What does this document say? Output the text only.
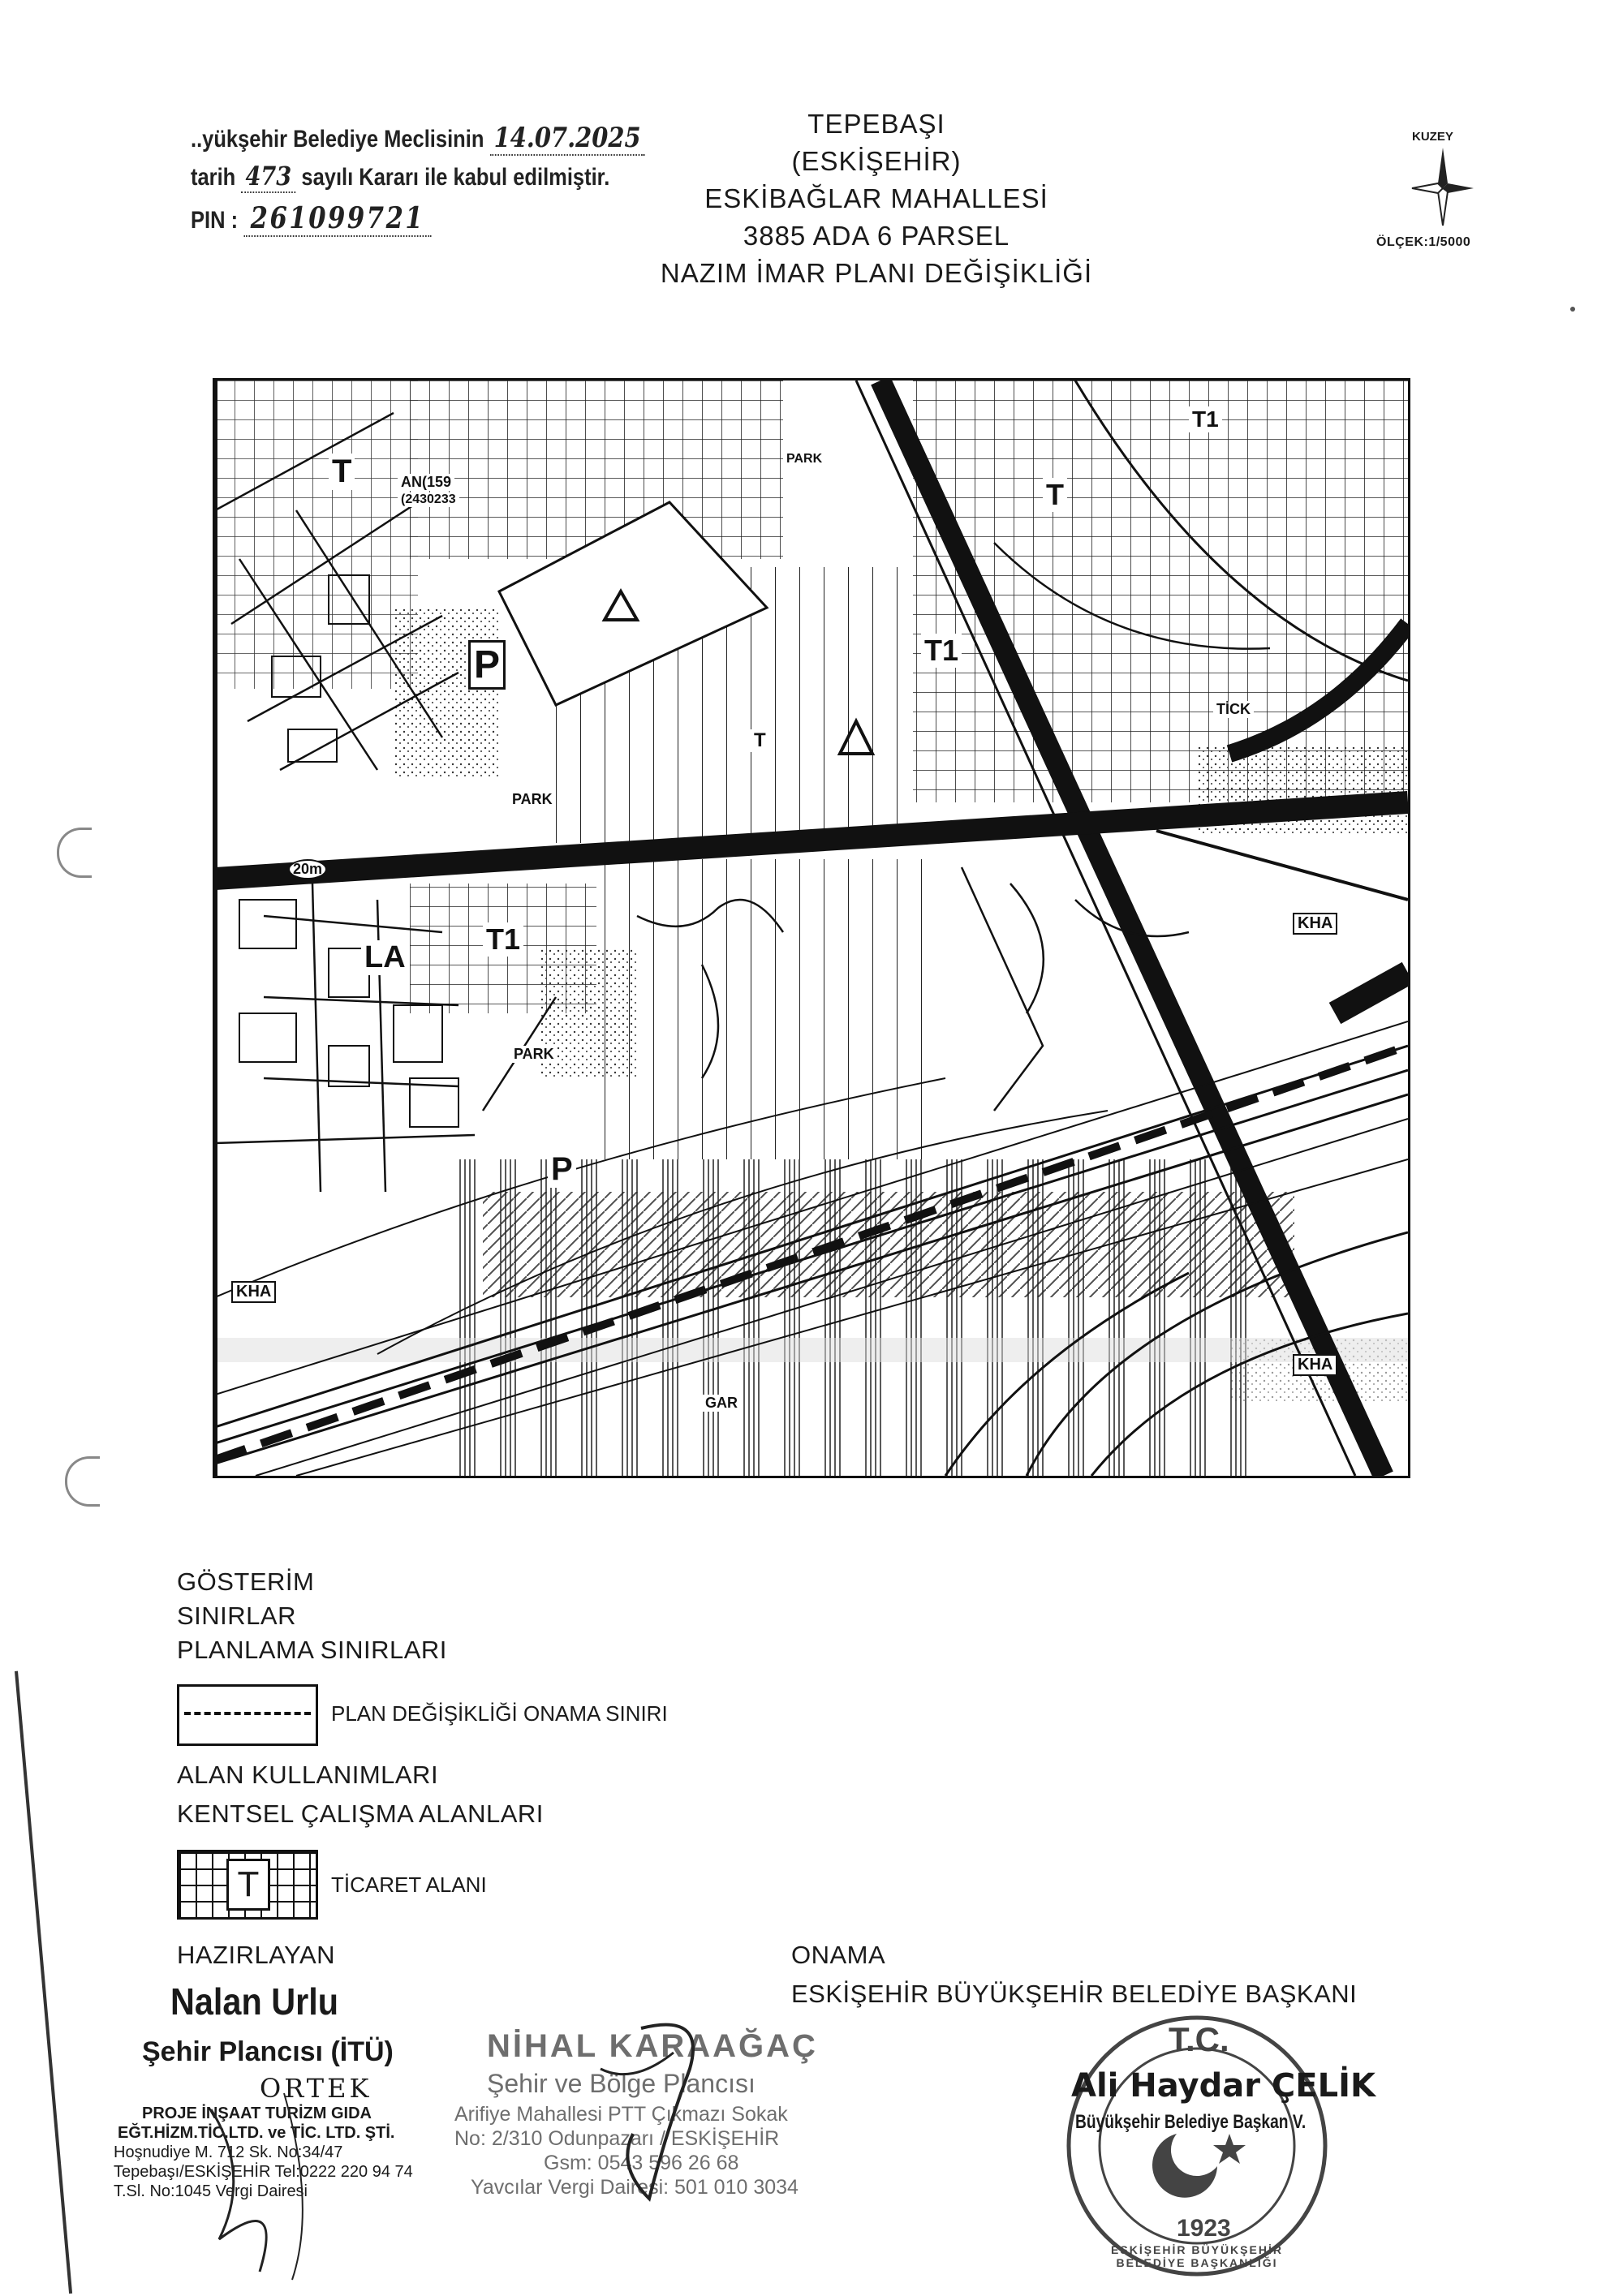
..yükşehir Belediye Meclisinin 14.07.2025
tarih 473 sayılı Kararı ile kabul edilmiştir.
PIN : 261099721
TEPEBAŞI
(ESKİŞEHİR)
ESKİBAĞLAR MAHALLESİ
3885 ADA 6 PARSEL
NAZIM İMAR PLANI DEĞİŞİKLİĞİ
KUZEY
ÖLÇEK:1/5000
T1
T1
T1
T
T
T
LA
TİCK
KHA
KHA
KHA
PARK
PARK
PARK
P
P
20m
AN(159
(2430233
GAR
GÖSTERİM
SINIRLAR
PLANLAMA SINIRLARI
PLAN DEĞİŞİKLİĞİ ONAMA SINIRI
ALAN KULLANIMLARI
KENTSEL ÇALIŞMA ALANLARI
T	TİCARET ALANI
HAZIRLAYAN	ONAMA
ESKİŞEHİR BÜYÜKŞEHİR BELEDİYE BAŞKANI
Nalan Urlu
Şehir Plancısı (İTÜ)
ORTEK
PROJE İNŞAAT TURİZM GIDA
EĞT.HİZM.TİC.LTD. ve TİC. LTD. ŞTİ.
Hoşnudiye M. 712 Sk. No:34/47
Tepebaşı/ESKİŞEHİR Tel:0222 220 94 74
T.Sl. No:1045 Vergi Dairesi
NİHAL KARAAĞAÇ
Şehir ve Bölge Plancısı
Arifiye Mahallesi PTT Çıkmazı Sokak
No: 2/310 Odunpazarı / ESKİŞEHİR
Gsm: 0543 596 26 68
Yavcılar Vergi Dairesi: 501 010 3034
T.C.
1923
ESKİŞEHİR BÜYÜKŞEHİR BELEDİYE BAŞKANLIĞI
Ali Haydar ÇELİK
Büyükşehir Belediye Başkan V.
